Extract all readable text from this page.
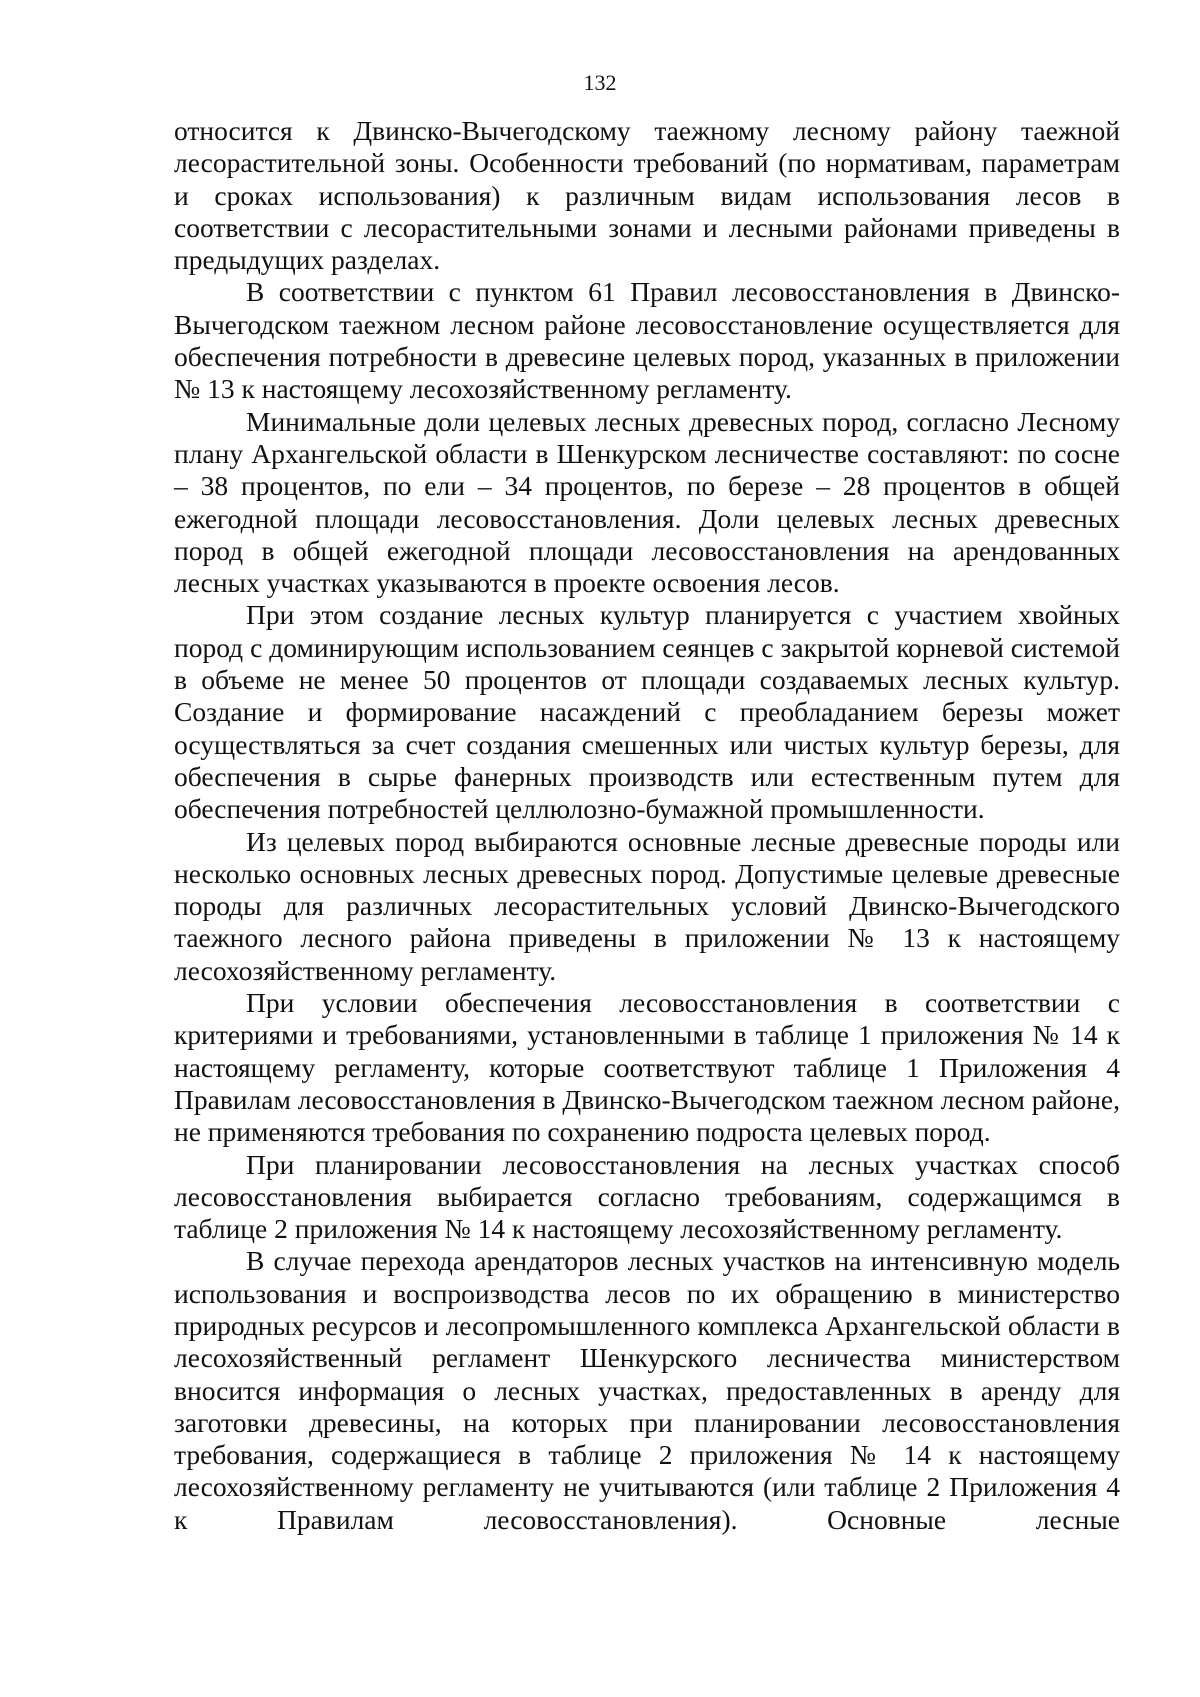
132

относится к Двинско-Вычегодскому таежному лесному району таежной лесорастительной зоны. Особенности требований (по нормативам, параметрам и сроках использования) к различным видам использования лесов в соответствии с лесорастительными зонами и лесными районами приведены в предыдущих разделах.

В соответствии с пунктом 61 Правил лесовосстановления в Двинско-Вычегодском таежном лесном районе лесовосстановление осуществляется для обеспечения потребности в древесине целевых пород, указанных в приложении № 13 к настоящему лесохозяйственному регламенту.

Минимальные доли целевых лесных древесных пород, согласно Лесному плану Архангельской области в Шенкурском лесничестве составляют: по сосне – 38 процентов, по ели – 34 процентов, по березе – 28 процентов в общей ежегодной площади лесовосстановления. Доли целевых лесных древесных пород в общей ежегодной площади лесовосстановления на арендованных лесных участках указываются в проекте освоения лесов.

При этом создание лесных культур планируется с участием хвойных пород с доминирующим использованием сеянцев с закрытой корневой системой в объеме не менее 50 процентов от площади создаваемых лесных культур. Создание и формирование насаждений с преобладанием березы может осуществляться за счет создания смешенных или чистых культур березы, для обеспечения в сырье фанерных производств или естественным путем для обеспечения потребностей целлюлозно-бумажной промышленности.

Из целевых пород выбираются основные лесные древесные породы или несколько основных лесных древесных пород. Допустимые целевые древесные породы для различных лесорастительных условий Двинско-Вычегодского таежного лесного района приведены в приложении № 13 к настоящему лесохозяйственному регламенту.

При условии обеспечения лесовосстановления в соответствии с критериями и требованиями, установленными в таблице 1 приложения № 14 к настоящему регламенту, которые соответствуют таблице 1 Приложения 4 Правилам лесовосстановления в Двинско-Вычегодском таежном лесном районе, не применяются требования по сохранению подроста целевых пород.

При планировании лесовосстановления на лесных участках способ лесовосстановления выбирается согласно требованиям, содержащимся в таблице 2 приложения № 14 к настоящему лесохозяйственному регламенту.

В случае перехода арендаторов лесных участков на интенсивную модель использования и воспроизводства лесов по их обращению в министерство природных ресурсов и лесопромышленного комплекса Архангельской области в лесохозяйственный регламент Шенкурского лесничества министерством вносится информация о лесных участках, предоставленных в аренду для заготовки древесины, на которых при планировании лесовосстановления требования, содержащиеся в таблице 2 приложения № 14 к настоящему лесохозяйственному регламенту не учитываются (или таблице 2 Приложения 4 к Правилам лесовосстановления). Основные лесные
